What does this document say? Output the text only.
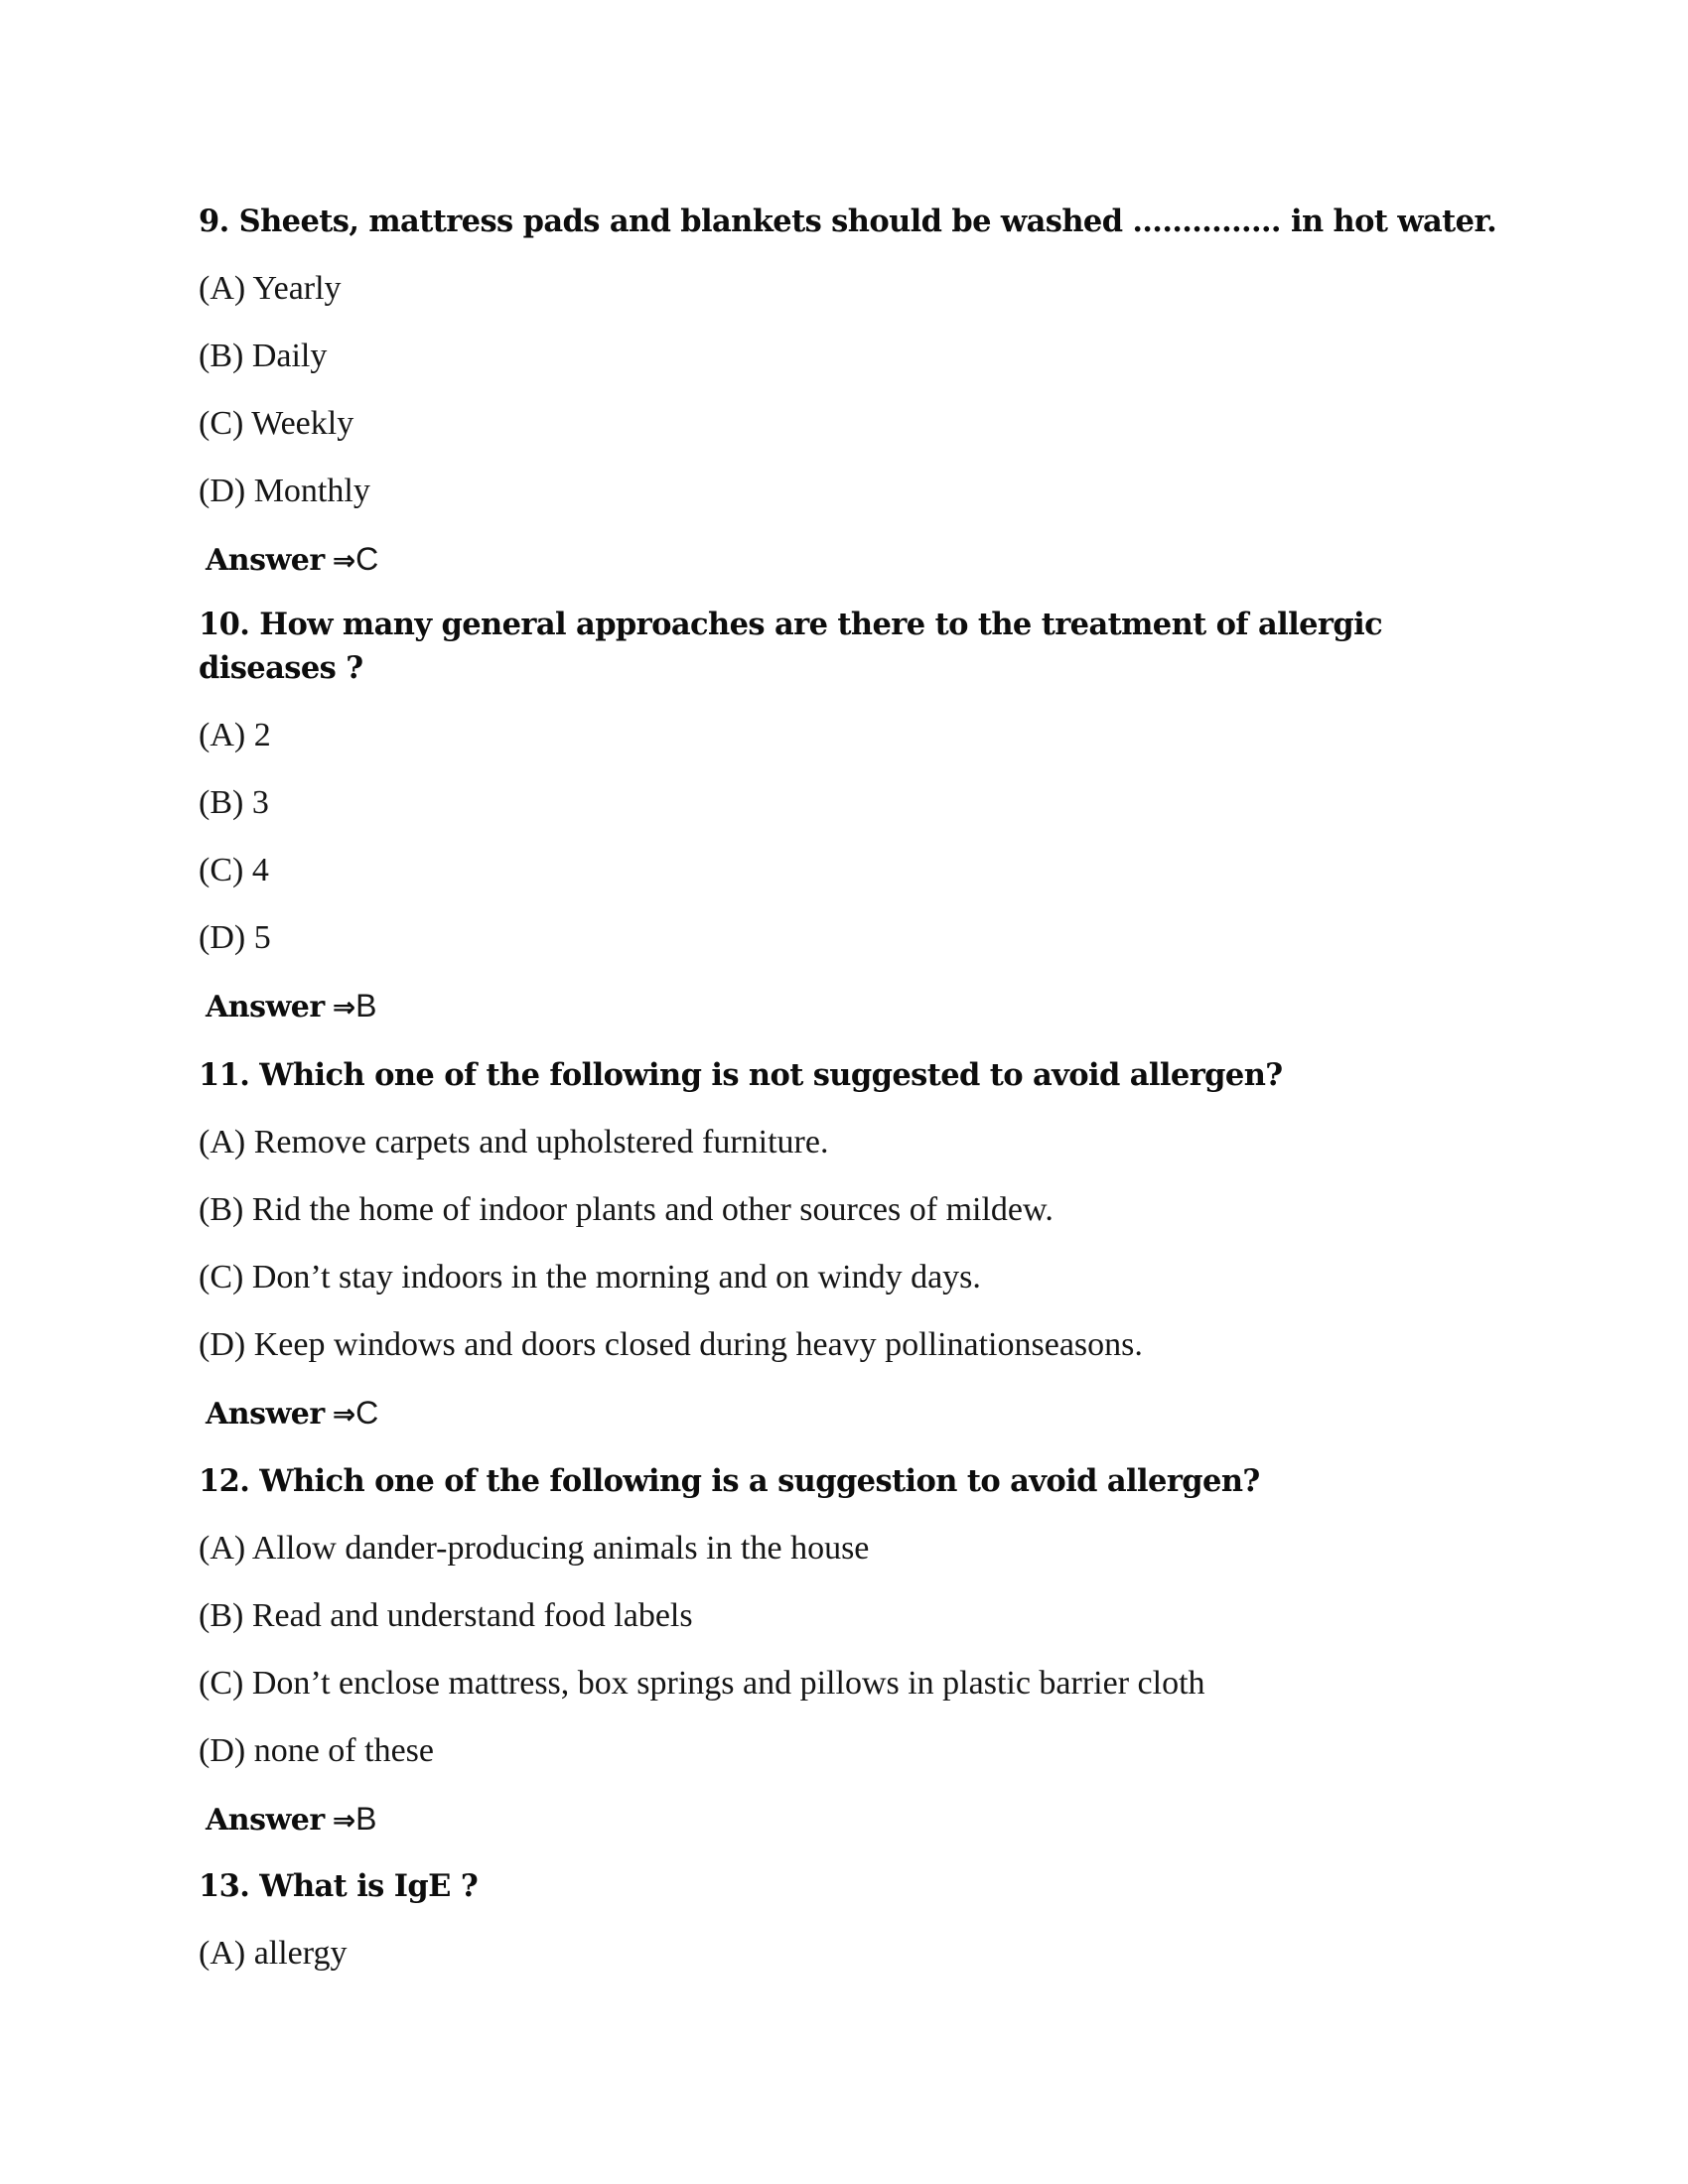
9. Sheets, mattress pads and blankets should be washed …………… in hot water.
(A) Yearly
(B) Daily
(C) Weekly
(D) Monthly
Answer ⇒C
10. How many general approaches are there to the treatment of allergic
diseases ?
(A) 2
(B) 3
(C) 4
(D) 5
Answer ⇒B
11. Which one of the following is not suggested to avoid allergen?
(A) Remove carpets and upholstered furniture.
(B) Rid the home of indoor plants and other sources of mildew.
(C) Don’t stay indoors in the morning and on windy days.
(D) Keep windows and doors closed during heavy pollinationseasons.
Answer ⇒C
12. Which one of the following is a suggestion to avoid allergen?
(A) Allow dander-producing animals in the house
(B) Read and understand food labels
(C) Don’t enclose mattress, box springs and pillows in plastic barrier cloth
(D) none of these
Answer ⇒B
13. What is IgE ?
(A) allergy
